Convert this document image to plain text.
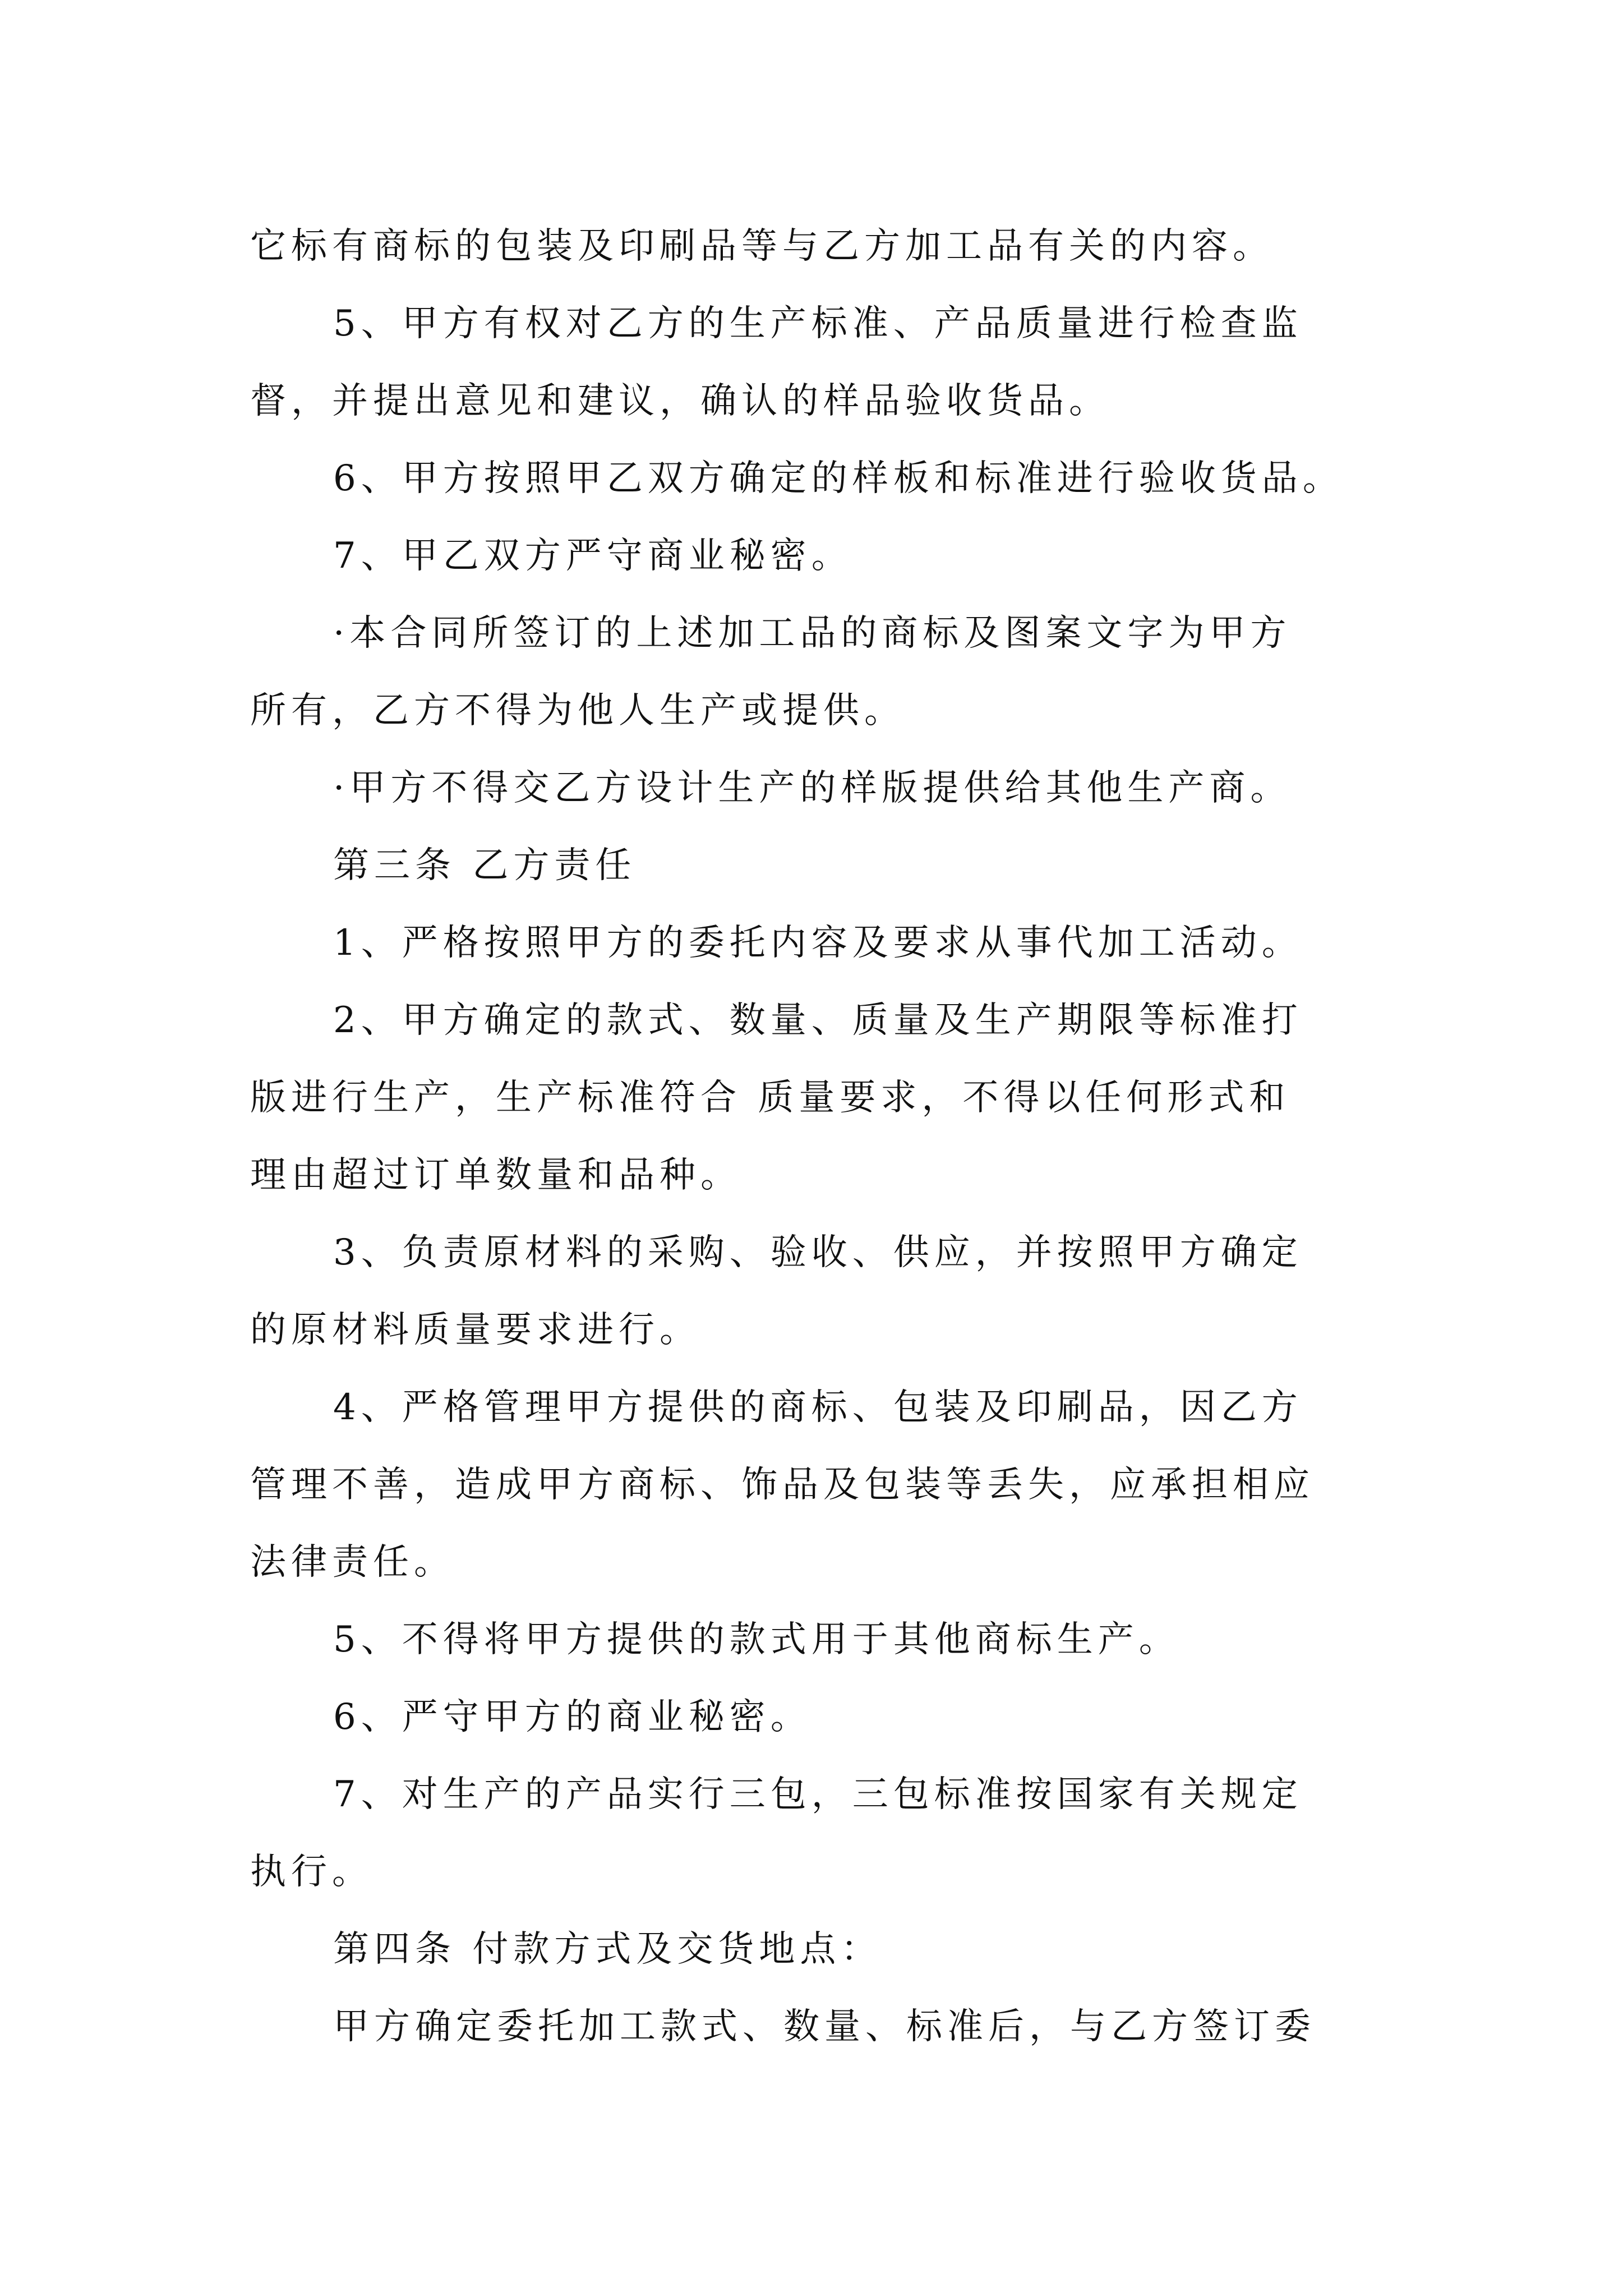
它标有商标的包装及印刷品等与乙方加工品有关的内容。
5、甲方有权对乙方的生产标准、产品质量进行检查监
督，并提出意见和建议，确认的样品验收货品。
6、甲方按照甲乙双方确定的样板和标准进行验收货品。
7、甲乙双方严守商业秘密。
·本合同所签订的上述加工品的商标及图案文字为甲方
所有，乙方不得为他人生产或提供。
·甲方不得交乙方设计生产的样版提供给其他生产商。
第三条 乙方责任
1、严格按照甲方的委托内容及要求从事代加工活动。
2、甲方确定的款式、数量、质量及生产期限等标准打
版进行生产，生产标准符合 质量要求，不得以任何形式和
理由超过订单数量和品种。
3、负责原材料的采购、验收、供应，并按照甲方确定
的原材料质量要求进行。
4、严格管理甲方提供的商标、包装及印刷品，因乙方
管理不善，造成甲方商标、饰品及包装等丢失，应承担相应
法律责任。
5、不得将甲方提供的款式用于其他商标生产。
6、严守甲方的商业秘密。
7、对生产的产品实行三包，三包标准按国家有关规定
执行。
第四条 付款方式及交货地点：
甲方确定委托加工款式、数量、标准后，与乙方签订委
